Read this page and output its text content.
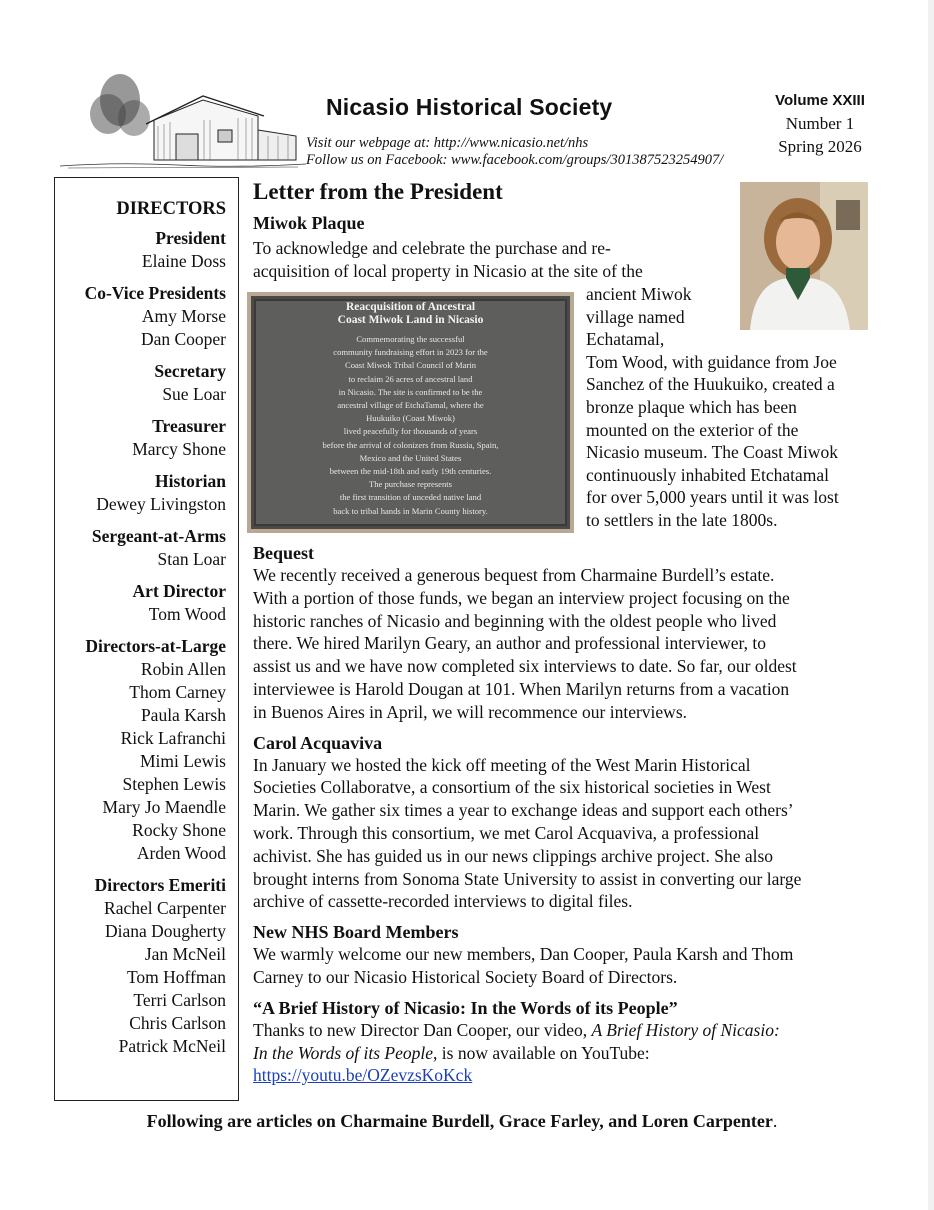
Nicasio Historical Society
Visit our webpage at: http://www.nicasio.net/nhs
Follow us on Facebook: www.facebook.com/groups/301387523254907/
Volume XXIII
Number 1
Spring 2026
DIRECTORS
President
Elaine Doss
Co-Vice Presidents
Amy Morse
Dan Cooper
Secretary
Sue Loar
Treasurer
Marcy Shone
Historian
Dewey Livingston
Sergeant-at-Arms
Stan Loar
Art Director
Tom Wood
Directors-at-Large
Robin Allen
Thom Carney
Paula Karsh
Rick Lafranchi
Mimi Lewis
Stephen Lewis
Mary Jo Maendle
Rocky Shone
Arden Wood
Directors Emeriti
Rachel Carpenter
Diana Dougherty
Jan McNeil
Tom Hoffman
Terri Carlson
Chris Carlson
Patrick McNeil
Reacquisition of Ancestral
Coast Miwok Land in Nicasio
Commemorating the successful
community fundraising effort in 2023 for the
Coast Miwok Tribal Council of Marin
to reclaim 26 acres of ancestral land
in Nicasio. The site is confirmed to be the
ancestral village of EtchaTamal, where the
Huukuiko (Coast Miwok)
lived peacefully for thousands of years
before the arrival of colonizers from Russia, Spain,
Mexico and the United States
between the mid-18th and early 19th centuries.
The purchase represents
the first transition of unceded native land
back to tribal hands in Marin County history.
Letter from the President
Miwok Plaque
To acknowledge and celebrate the purchase and re-
acquisition of local property in Nicasio at the site of the
ancient Miwok
village named
Echatamal,
Tom Wood, with guidance from Joe
Sanchez of the Huukuiko, created a
bronze plaque which has been
mounted on the exterior of the
Nicasio museum. The Coast Miwok
continuously inhabited Etchatamal
for over 5,000 years until it was lost
to settlers in the late 1800s.
Bequest
We recently received a generous bequest from Charmaine Burdell’s estate.
With a portion of those funds, we began an interview project focusing on the
historic ranches of Nicasio and beginning with the oldest people who lived
there. We hired Marilyn Geary, an author and professional interviewer, to
assist us and we have now completed six interviews to date. So far, our oldest
interviewee is Harold Dougan at 101. When Marilyn returns from a vacation
in Buenos Aires in April, we will recommence our interviews.
Carol Acquaviva
In January we hosted the kick off meeting of the West Marin Historical
Societies Collaboratve, a consortium of the six historical societies in West
Marin. We gather six times a year to exchange ideas and support each others’
work. Through this consortium, we met Carol Acquaviva, a professional
achivist. She has guided us in our news clippings archive project. She also
brought interns from Sonoma State University to assist in converting our large
archive of cassette-recorded interviews to digital files.
New NHS Board Members
We warmly welcome our new members, Dan Cooper, Paula Karsh and Thom
Carney to our Nicasio Historical Society Board of Directors.
“A Brief History of Nicasio: In the Words of its People”
Thanks to new Director Dan Cooper, our video, A Brief History of Nicasio:
In the Words of its People, is now available on YouTube:
https://youtu.be/OZevzsKoKck
Following are articles on Charmaine Burdell, Grace Farley, and Loren Carpenter.
